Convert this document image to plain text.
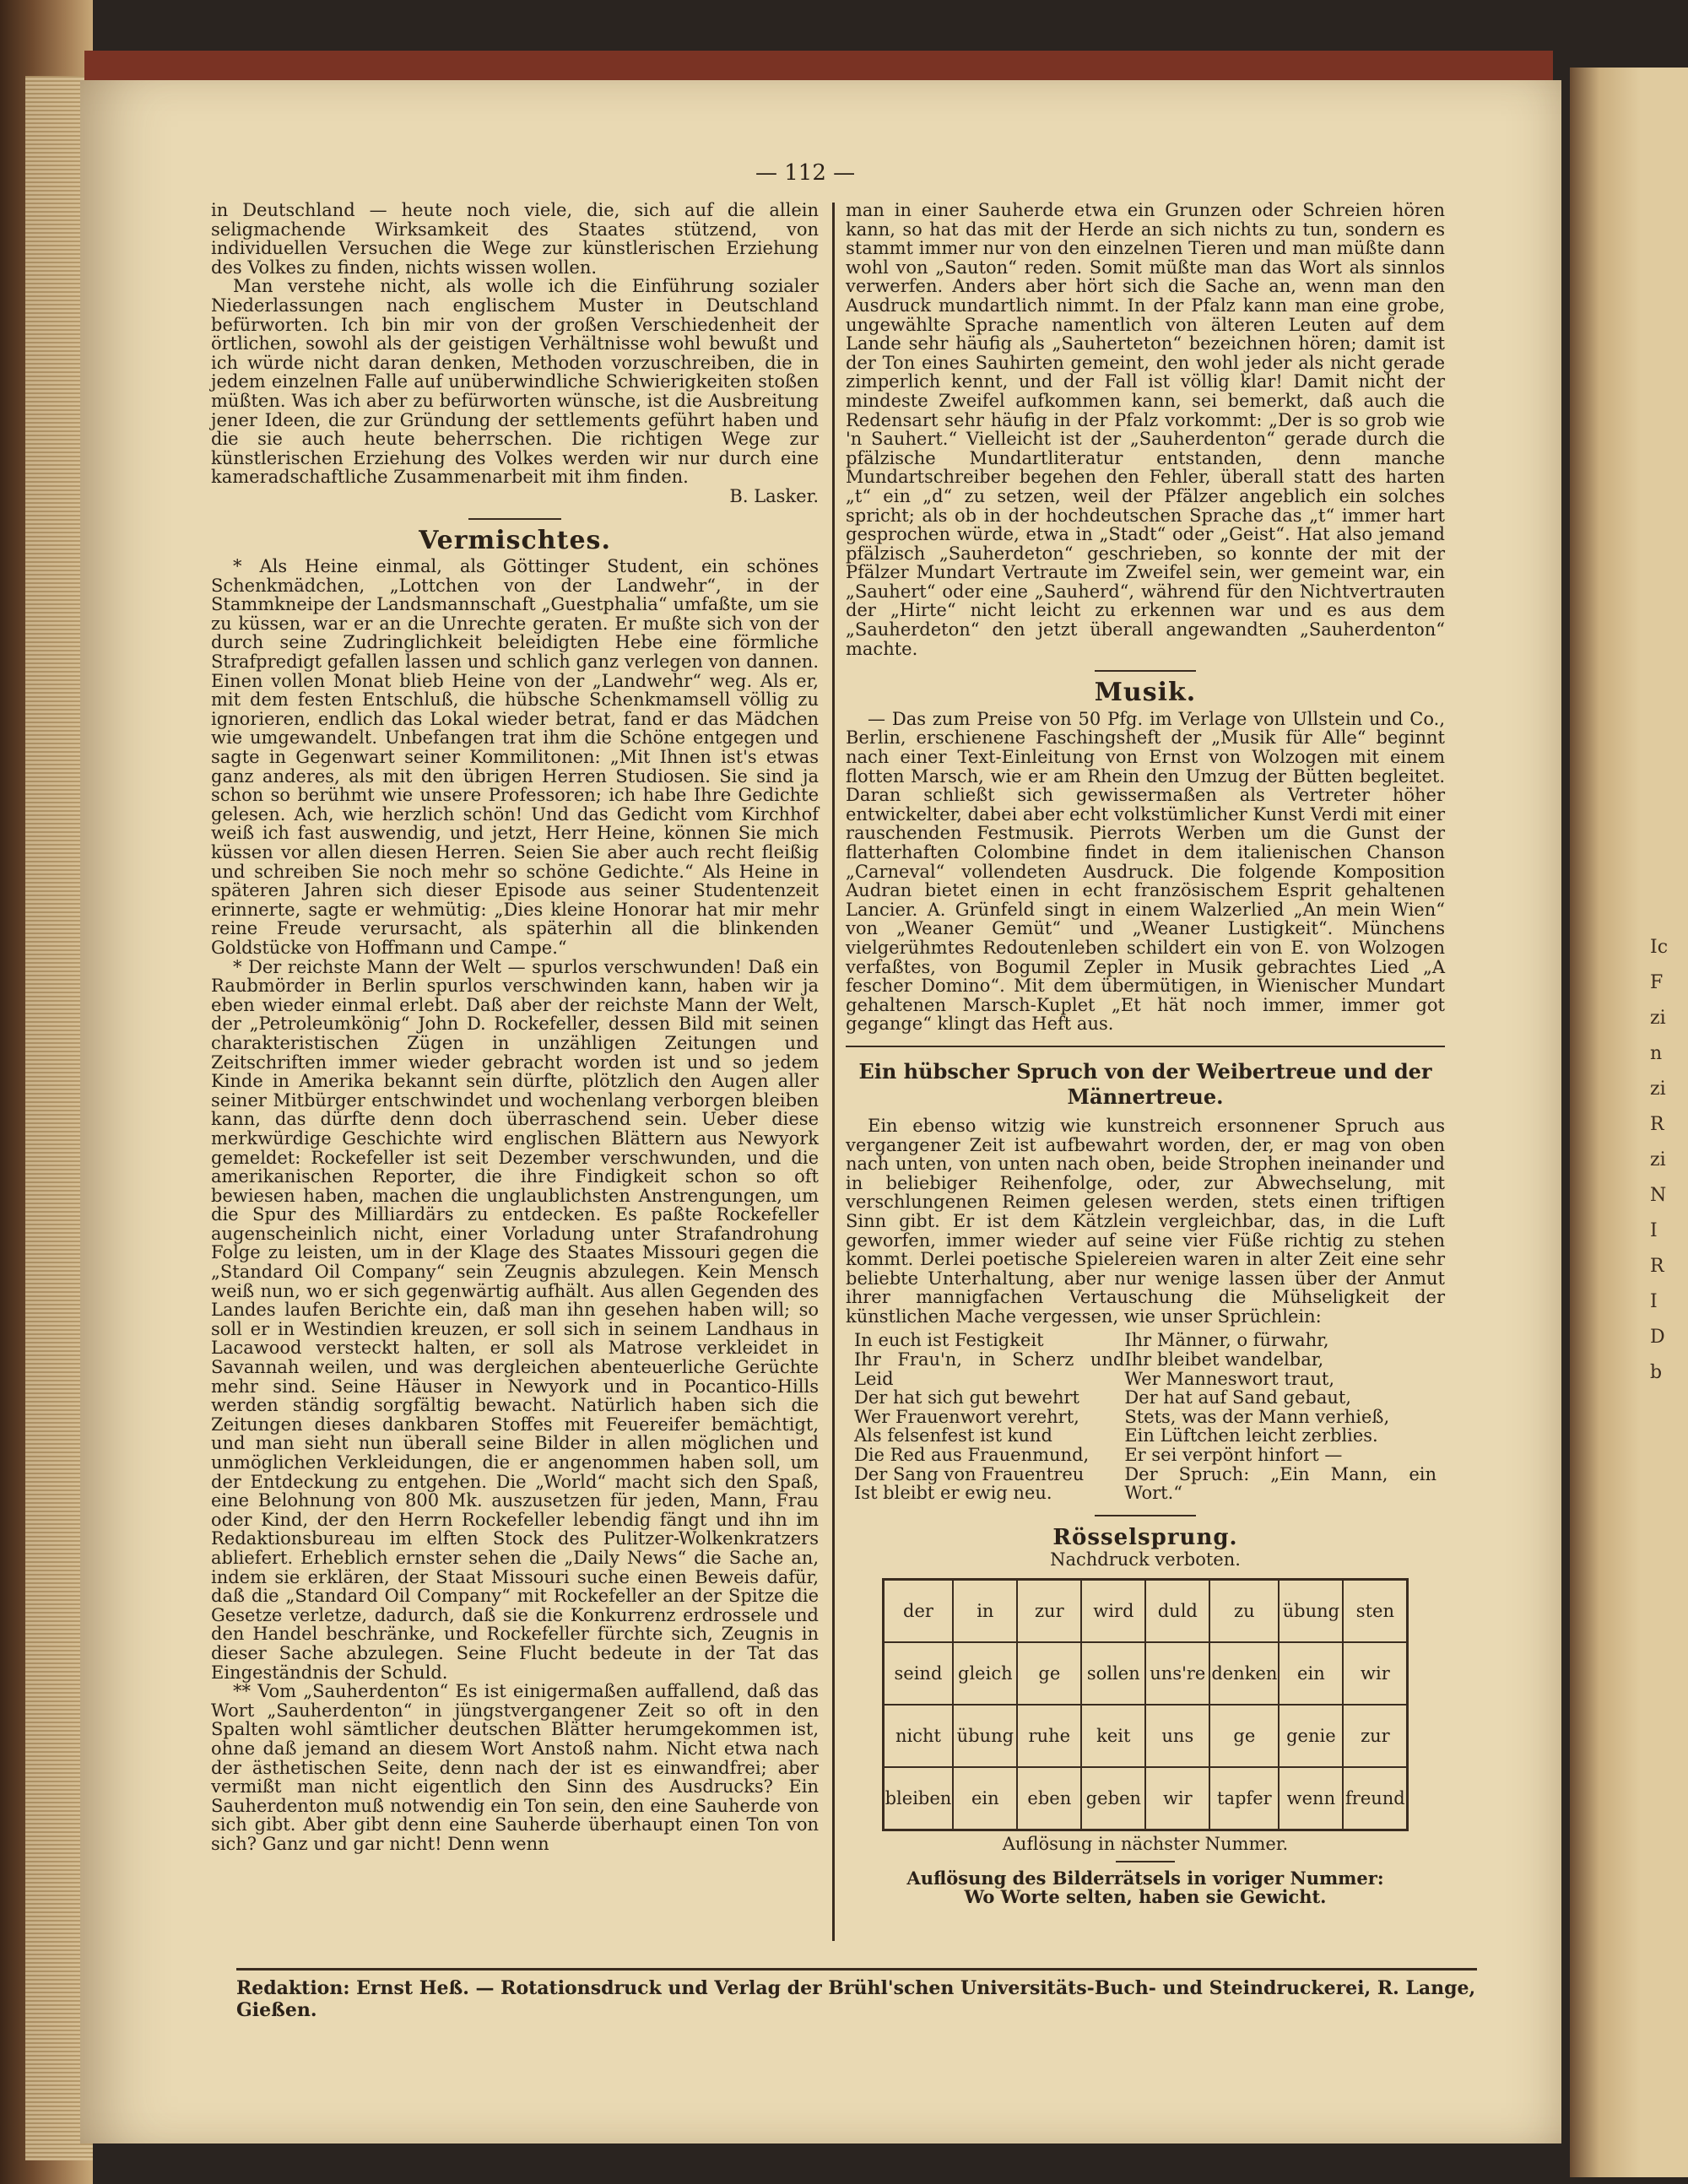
Ic
F
zi
n
zi
R
zi
N
I
R
I
D
b
— 112 —

in Deutschland — heute noch viele, die, sich auf die allein seligmachende Wirksamkeit des Staates stützend, von individuellen Versuchen die Wege zur künstlerischen Erziehung des Volkes zu finden, nichts wissen wollen.

Man verstehe nicht, als wolle ich die Einführung sozialer Niederlassungen nach englischem Muster in Deutschland befürworten. Ich bin mir von der großen Verschiedenheit der örtlichen, sowohl als der geistigen Verhältnisse wohl bewußt und ich würde nicht daran denken, Methoden vorzuschreiben, die in jedem einzelnen Falle auf unüberwindliche Schwierigkeiten stoßen müßten. Was ich aber zu befürworten wünsche, ist die Ausbreitung jener Ideen, die zur Gründung der settlements geführt haben und die sie auch heute beherrschen. Die richtigen Wege zur künstlerischen Erziehung des Volkes werden wir nur durch eine kameradschaftliche Zusammenarbeit mit ihm finden.

B. Lasker.
Vermischtes.

* Als Heine einmal, als Göttinger Student, ein schönes Schenkmädchen, „Lottchen von der Landwehr“, in der Stammkneipe der Landsmannschaft „Guestphalia“ umfaßte, um sie zu küssen, war er an die Unrechte geraten. Er mußte sich von der durch seine Zudringlichkeit beleidigten Hebe eine förmliche Strafpredigt gefallen lassen und schlich ganz verlegen von dannen. Einen vollen Monat blieb Heine von der „Landwehr“ weg. Als er, mit dem festen Entschluß, die hübsche Schenkmamsell völlig zu ignorieren, endlich das Lokal wieder betrat, fand er das Mädchen wie umgewandelt. Unbefangen trat ihm die Schöne entgegen und sagte in Gegenwart seiner Kommilitonen: „Mit Ihnen ist's etwas ganz anderes, als mit den übrigen Herren Studiosen. Sie sind ja schon so berühmt wie unsere Professoren; ich habe Ihre Gedichte gelesen. Ach, wie herzlich schön! Und das Gedicht vom Kirchhof weiß ich fast auswendig, und jetzt, Herr Heine, können Sie mich küssen vor allen diesen Herren. Seien Sie aber auch recht fleißig und schreiben Sie noch mehr so schöne Gedichte.“ Als Heine in späteren Jahren sich dieser Episode aus seiner Studentenzeit erinnerte, sagte er wehmütig: „Dies kleine Honorar hat mir mehr reine Freude verursacht, als späterhin all die blinkenden Goldstücke von Hoffmann und Campe.“

* Der reichste Mann der Welt — spurlos verschwunden! Daß ein Raubmörder in Berlin spurlos verschwinden kann, haben wir ja eben wieder einmal erlebt. Daß aber der reichste Mann der Welt, der „Petroleumkönig“ John D. Rockefeller, dessen Bild mit seinen charakteristischen Zügen in unzähligen Zeitungen und Zeitschriften immer wieder gebracht worden ist und so jedem Kinde in Amerika bekannt sein dürfte, plötzlich den Augen aller seiner Mitbürger entschwindet und wochenlang verborgen bleiben kann, das dürfte denn doch überraschend sein. Ueber diese merkwürdige Geschichte wird englischen Blättern aus Newyork gemeldet: Rockefeller ist seit Dezember verschwunden, und die amerikanischen Reporter, die ihre Findigkeit schon so oft bewiesen haben, machen die unglaublichsten Anstrengungen, um die Spur des Milliardärs zu entdecken. Es paßte Rockefeller augenscheinlich nicht, einer Vorladung unter Strafandrohung Folge zu leisten, um in der Klage des Staates Missouri gegen die „Standard Oil Company“ sein Zeugnis abzulegen. Kein Mensch weiß nun, wo er sich gegenwärtig aufhält. Aus allen Gegenden des Landes laufen Berichte ein, daß man ihn gesehen haben will; so soll er in Westindien kreuzen, er soll sich in seinem Landhaus in Lacawood versteckt halten, er soll als Matrose verkleidet in Savannah weilen, und was dergleichen abenteuerliche Gerüchte mehr sind. Seine Häuser in Newyork und in Pocantico-Hills werden ständig sorgfältig bewacht. Natürlich haben sich die Zeitungen dieses dankbaren Stoffes mit Feuereifer bemächtigt, und man sieht nun überall seine Bilder in allen möglichen und unmöglichen Verkleidungen, die er angenommen haben soll, um der Entdeckung zu entgehen. Die „World“ macht sich den Spaß, eine Belohnung von 800 Mk. auszusetzen für jeden, Mann, Frau oder Kind, der den Herrn Rockefeller lebendig fängt und ihn im Redaktionsbureau im elften Stock des Pulitzer-Wolkenkratzers abliefert. Erheblich ernster sehen die „Daily News“ die Sache an, indem sie erklären, der Staat Missouri suche einen Beweis dafür, daß die „Standard Oil Company“ mit Rockefeller an der Spitze die Gesetze verletze, dadurch, daß sie die Konkurrenz erdrossele und den Handel beschränke, und Rockefeller fürchte sich, Zeugnis in dieser Sache abzulegen. Seine Flucht bedeute in der Tat das Eingeständnis der Schuld.

** Vom „Sauherdenton“ Es ist einigermaßen auffallend, daß das Wort „Sauherdenton“ in jüngstvergangener Zeit so oft in den Spalten wohl sämtlicher deutschen Blätter herumgekommen ist, ohne daß jemand an diesem Wort Anstoß nahm. Nicht etwa nach der ästhetischen Seite, denn nach der ist es einwandfrei; aber vermißt man nicht eigentlich den Sinn des Ausdrucks? Ein Sauherdenton muß notwendig ein Ton sein, den eine Sauherde von sich gibt. Aber gibt denn eine Sauherde überhaupt einen Ton von sich? Ganz und gar nicht! Denn wenn

man in einer Sauherde etwa ein Grunzen oder Schreien hören kann, so hat das mit der Herde an sich nichts zu tun, sondern es stammt immer nur von den einzelnen Tieren und man müßte dann wohl von „Sauton“ reden. Somit müßte man das Wort als sinnlos verwerfen. Anders aber hört sich die Sache an, wenn man den Ausdruck mundartlich nimmt. In der Pfalz kann man eine grobe, ungewählte Sprache namentlich von älteren Leuten auf dem Lande sehr häufig als „Sauherteton“ bezeichnen hören; damit ist der Ton eines Sauhirten gemeint, den wohl jeder als nicht gerade zimperlich kennt, und der Fall ist völlig klar! Damit nicht der mindeste Zweifel aufkommen kann, sei bemerkt, daß auch die Redensart sehr häufig in der Pfalz vorkommt: „Der is so grob wie 'n Sauhert.“ Vielleicht ist der „Sauherdenton“ gerade durch die pfälzische Mundartliteratur entstanden, denn manche Mundartschreiber begehen den Fehler, überall statt des harten „t“ ein „d“ zu setzen, weil der Pfälzer angeblich ein solches spricht; als ob in der hochdeutschen Sprache das „t“ immer hart gesprochen würde, etwa in „Stadt“ oder „Geist“. Hat also jemand pfälzisch „Sauherdeton“ geschrieben, so konnte der mit der Pfälzer Mundart Vertraute im Zweifel sein, wer gemeint war, ein „Sauhert“ oder eine „Sauherd“, während für den Nichtvertrauten der „Hirte“ nicht leicht zu erkennen war und es aus dem „Sauherdeton“ den jetzt überall angewandten „Sauherdenton“ machte.

Musik.

— Das zum Preise von 50 Pfg. im Verlage von Ullstein und Co., Berlin, erschienene Faschingsheft der „Musik für Alle“ beginnt nach einer Text-Einleitung von Ernst von Wolzogen mit einem flotten Marsch, wie er am Rhein den Umzug der Bütten begleitet. Daran schließt sich gewissermaßen als Vertreter höher entwickelter, dabei aber echt volkstümlicher Kunst Verdi mit einer rauschenden Festmusik. Pierrots Werben um die Gunst der flatterhaften Colombine findet in dem italienischen Chanson „Carneval“ vollendeten Ausdruck. Die folgende Komposition Audran bietet einen in echt französischem Esprit gehaltenen Lancier. A. Grünfeld singt in einem Walzerlied „An mein Wien“ von „Weaner Gemüt“ und „Weaner Lustigkeit“. Münchens vielgerühmtes Redoutenleben schildert ein von E. von Wolzogen verfaßtes, von Bogumil Zepler in Musik gebrachtes Lied „A fescher Domino“. Mit dem übermütigen, in Wienischer Mundart gehaltenen Marsch-Kuplet „Et hät noch immer, immer got gegange“ klingt das Heft aus.

Ein hübscher Spruch von der Weibertreue und der Männertreue.

Ein ebenso witzig wie kunstreich ersonnener Spruch aus vergangener Zeit ist aufbewahrt worden, der, er mag von oben nach unten, von unten nach oben, beide Strophen ineinander und in beliebiger Reihenfolge, oder, zur Abwechselung, mit verschlungenen Reimen gelesen werden, stets einen triftigen Sinn gibt. Er ist dem Kätzlein vergleichbar, das, in die Luft geworfen, immer wieder auf seine vier Füße richtig zu stehen kommt. Derlei poetische Spielereien waren in alter Zeit eine sehr beliebte Unterhaltung, aber nur wenige lassen über der Anmut ihrer mannigfachen Vertauschung die Mühseligkeit der künstlichen Mache vergessen, wie unser Sprüchlein:

In euch ist Festigkeit
Ihr Frau'n, in Scherz und Leid
Der hat sich gut bewehrt
Wer Frauenwort verehrt,
Als felsenfest ist kund
Die Red aus Frauenmund,
Der Sang von Frauentreu
Ist bleibt er ewig neu.
Ihr Männer, o fürwahr,
Ihr bleibet wandelbar,
Wer Manneswort traut,
Der hat auf Sand gebaut,
Stets, was der Mann verhieß,
Ein Lüftchen leicht zerblies.
Er sei verpönt hinfort —
Der Spruch: „Ein Mann, ein Wort.“
Rösselsprung.
Nachdruck verboten.
der	in	zur	wird	duld	zu	übung	sten
seind	gleich	ge	sollen	uns're	denken	ein	wir
nicht	übung	ruhe	keit	uns	ge	genie	zur
bleiben	ein	eben	geben	wir	tapfer	wenn	freund
Auflösung in nächster Nummer.
Auflösung des Bilderrätsels in voriger Nummer:
Wo Worte selten, haben sie Gewicht.
Redaktion: Ernst Heß. — Rotationsdruck und Verlag der Brühl'schen Universitäts-Buch- und Steindruckerei, R. Lange, Gießen.
